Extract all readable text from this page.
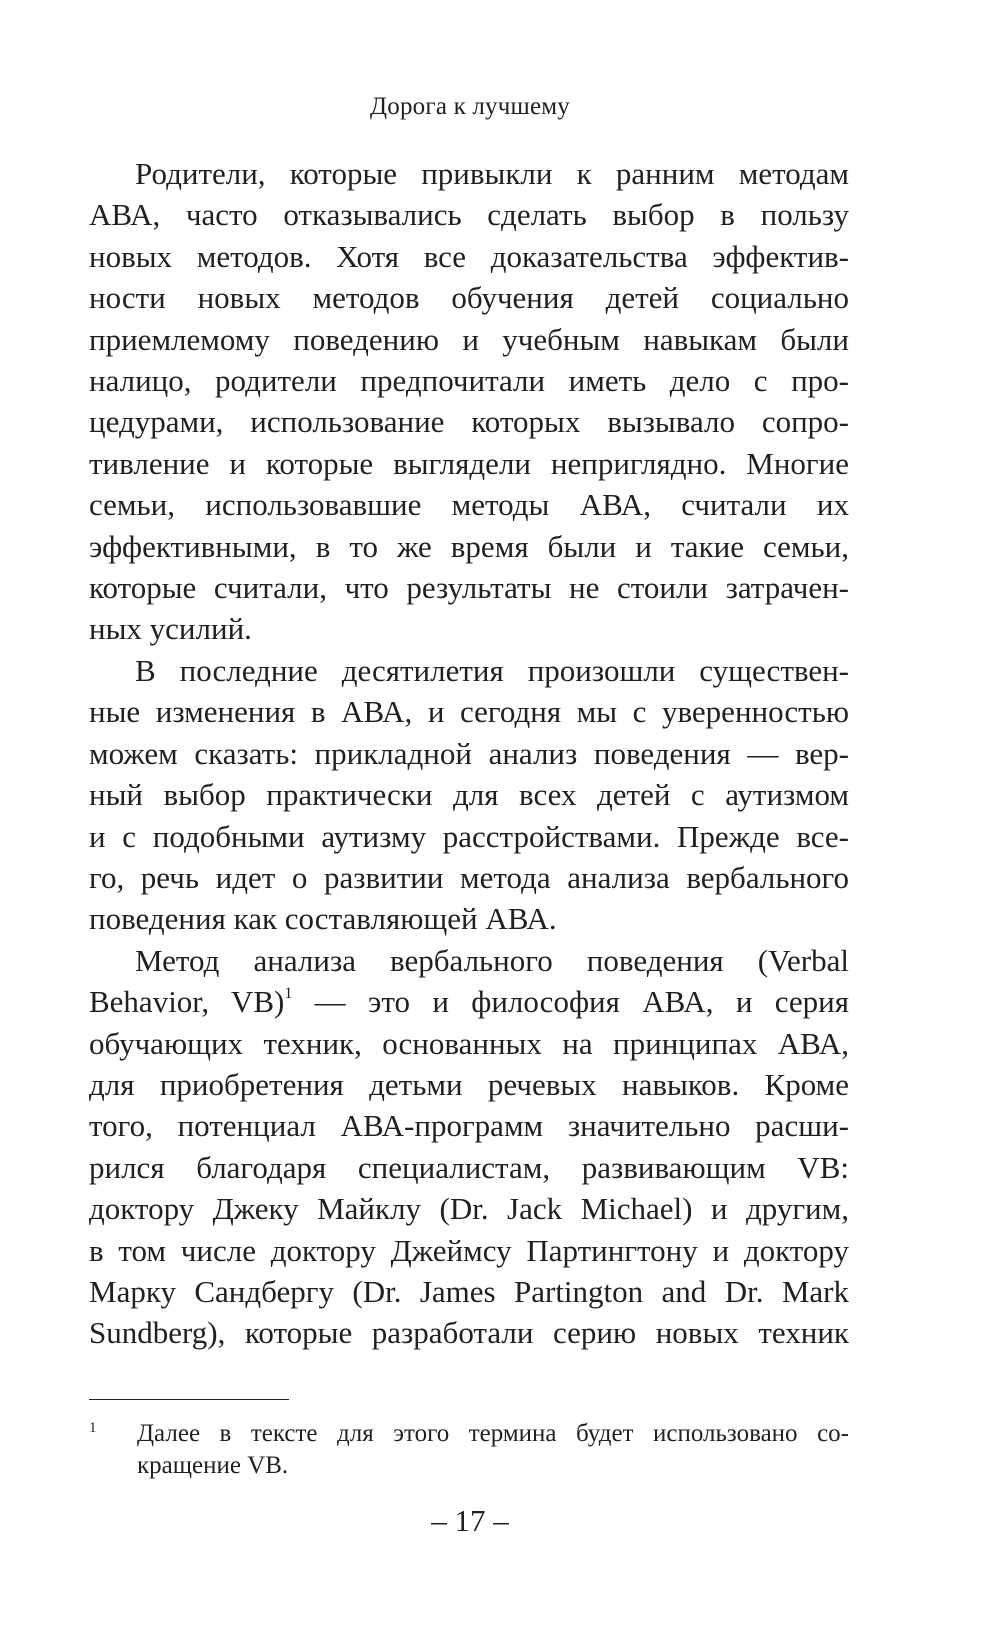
Дорога к лучшему
Родители, которые привыкли к ранним методам
АВА, часто отказывались сделать выбор в пользу
новых методов. Хотя все доказательства эффектив-
ности новых методов обучения детей социально
приемлемому поведению и учебным навыкам были
налицо, родители предпочитали иметь дело с про-
цедурами, использование которых вызывало сопро-
тивление и которые выглядели неприглядно. Многие
семьи, использовавшие методы АВА, считали их
эффективными, в то же время были и такие семьи,
которые считали, что результаты не стоили затрачен-
ных усилий.
В последние десятилетия произошли существен-
ные изменения в АВА, и сегодня мы с уверенностью
можем сказать: прикладной анализ поведения — вер-
ный выбор практически для всех детей с аутизмом
и с подобными аутизму расстройствами. Прежде все-
го, речь идет о развитии метода анализа вербального
поведения как составляющей АВА.
Метод анализа вербального поведения (Verbal
Behavior, VB)$^1$ — это и философия АВА, и серия
обучающих техник, основанных на принципах АВА,
для приобретения детьми речевых навыков. Кроме
того, потенциал АВА-программ значительно расши-
рился благодаря специалистам, развивающим VB:
доктору Джеку Майклу (Dr. Jack Michael) и другим,
в том числе доктору Джеймсу Партингтону и доктору
Марку Сандбергу (Dr. James Partington and Dr. Mark
Sundberg), которые разработали серию новых техник
1 Далее в тексте для этого термина будет использовано со-
кращение VB.
– 17 –
